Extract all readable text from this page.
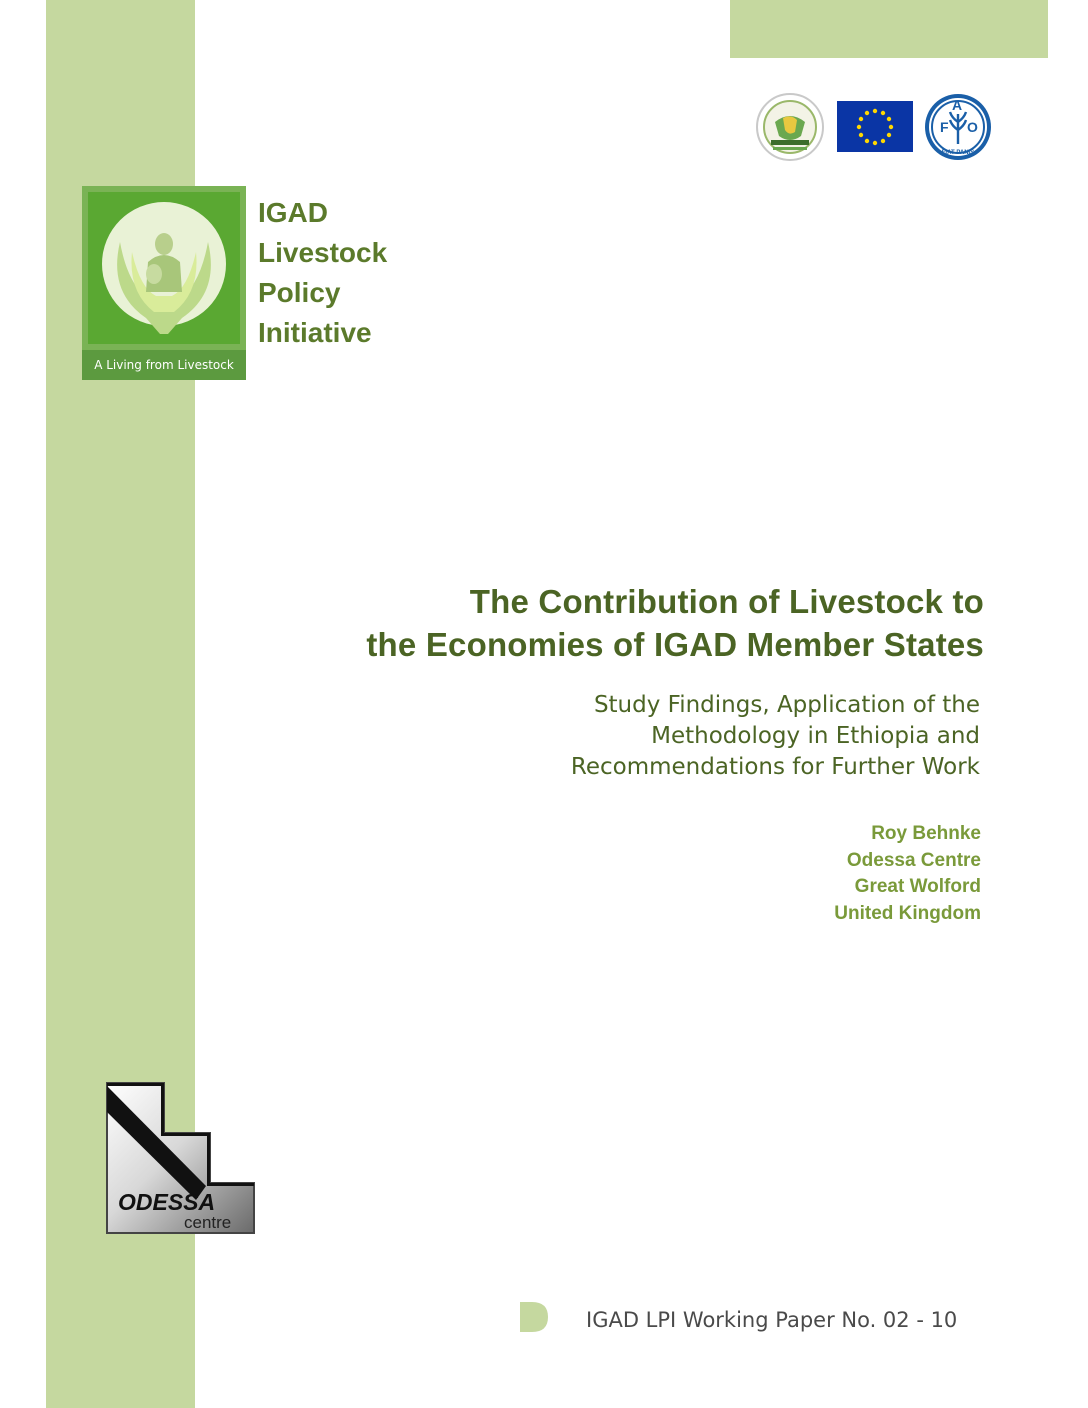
F
A
O
FIAT PANIS
A Living from Livestock
IGAD
Livestock
Policy
Initiative
The Contribution of Livestock to
the Economies of IGAD Member States
Study Findings, Application of the
Methodology in Ethiopia and
Recommendations for Further Work
Roy Behnke
Odessa Centre
Great Wolford
United Kingdom
ODESSA
centre
IGAD LPI Working Paper No. 02 - 10
